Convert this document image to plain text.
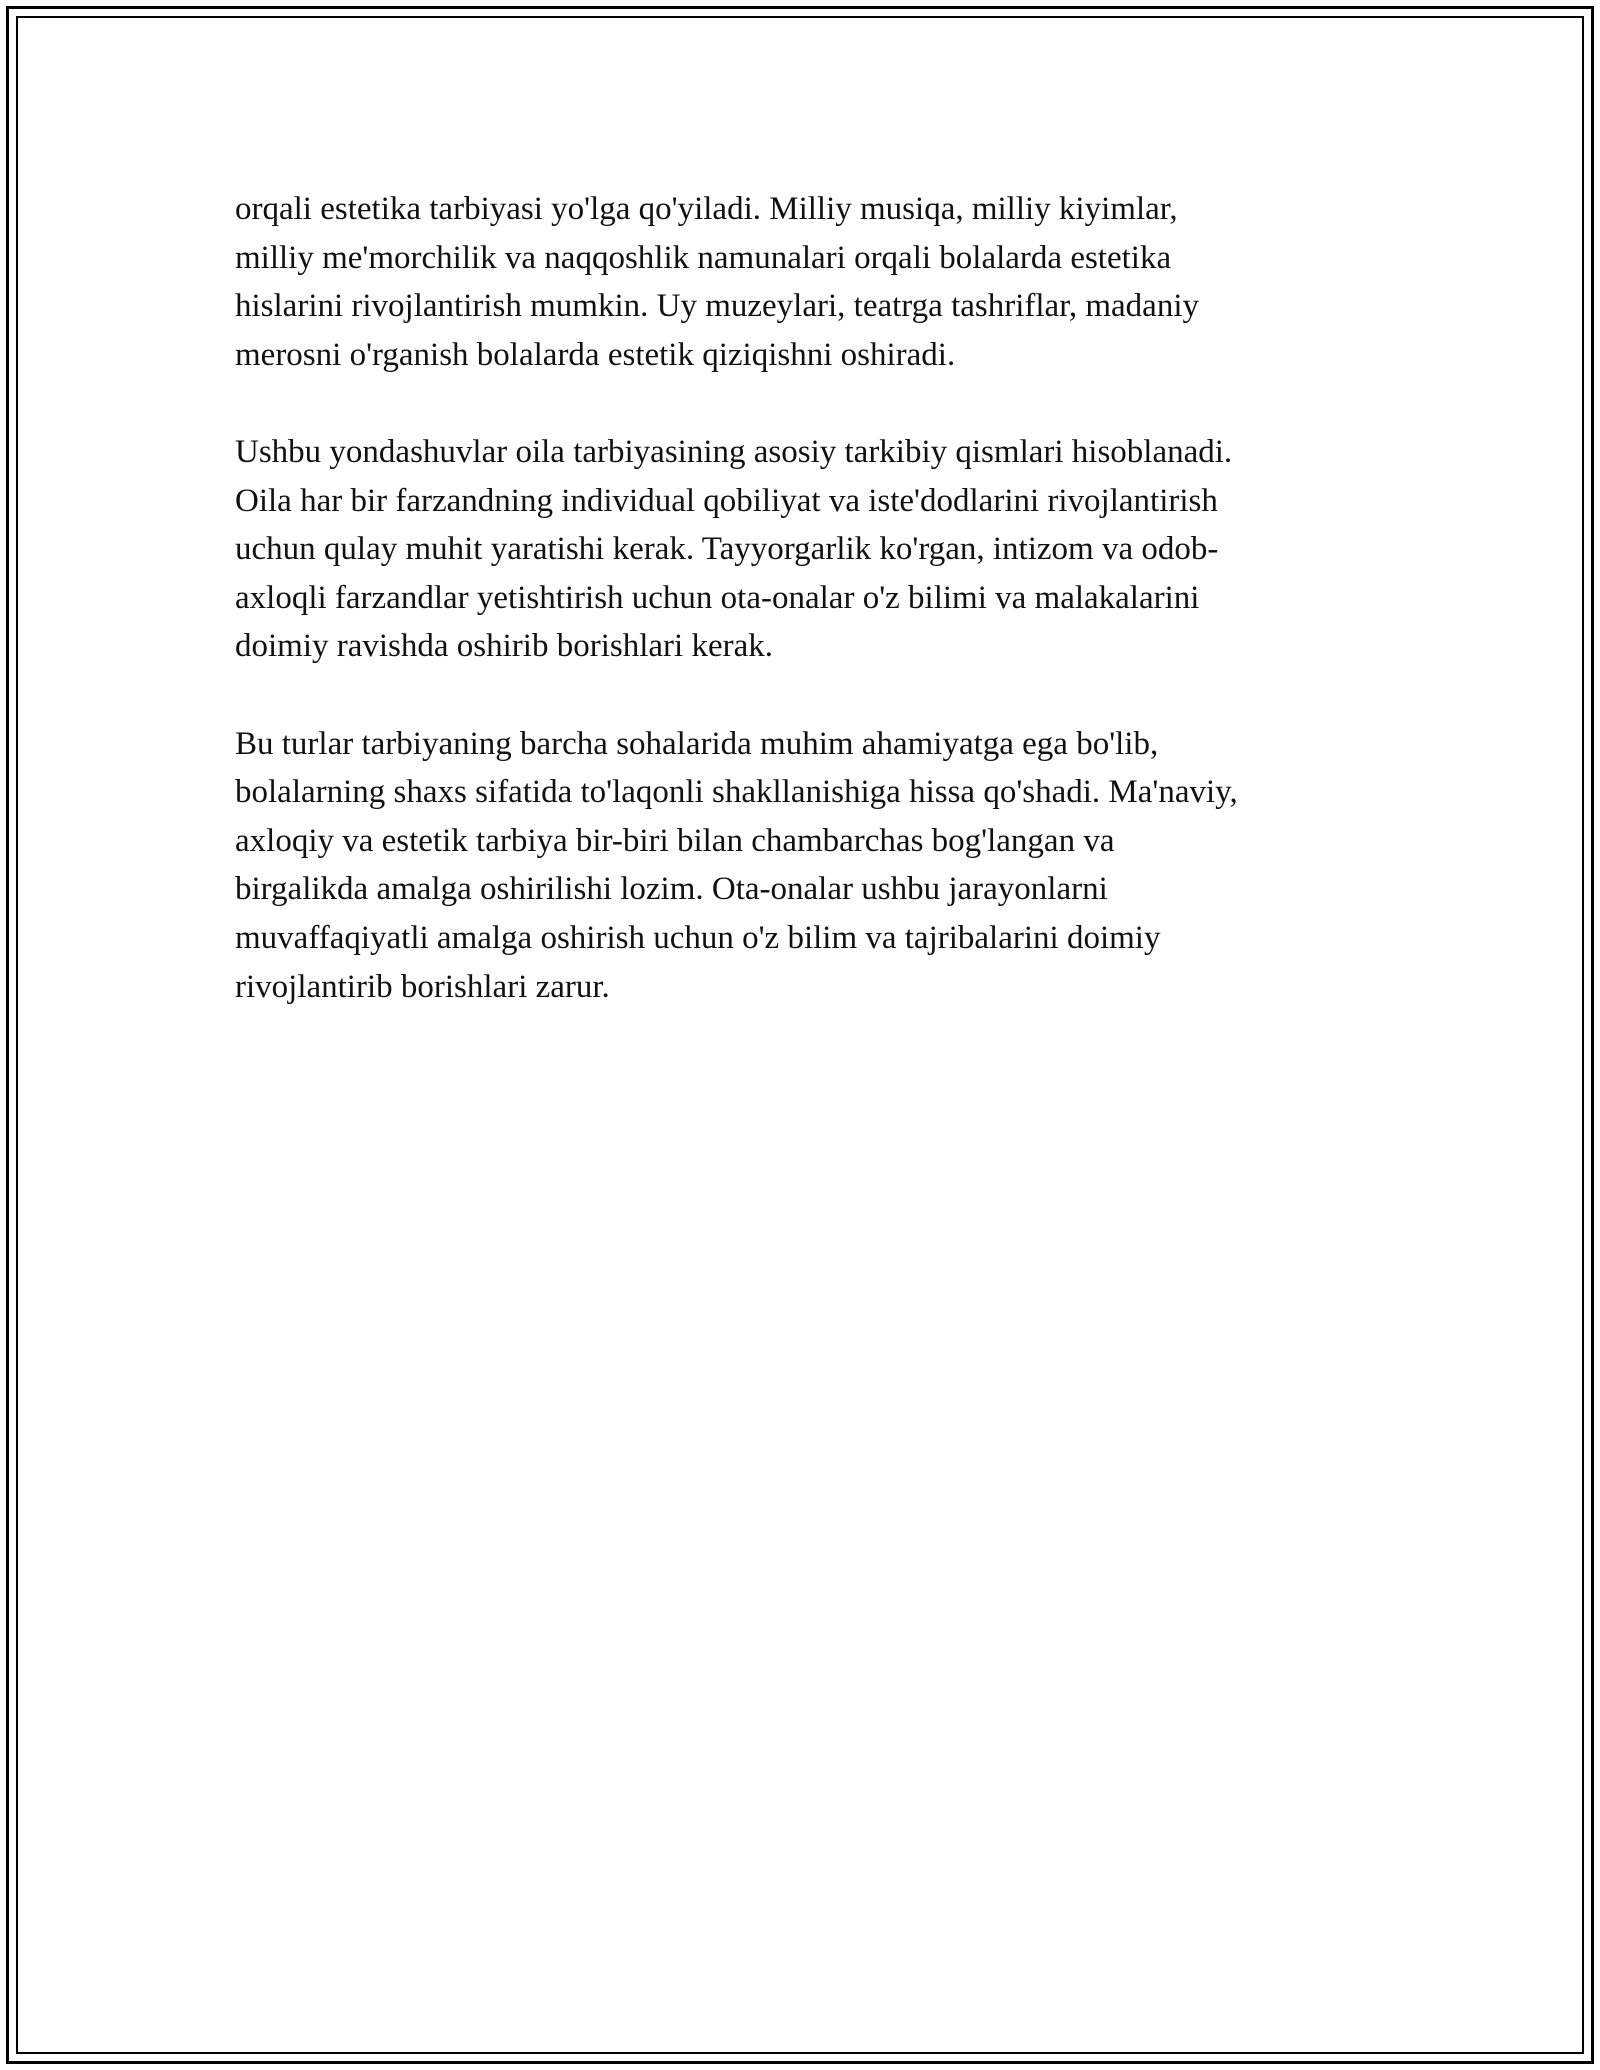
orqali estetika tarbiyasi yo'lga qo'yiladi. Milliy musiqa, milliy kiyimlar,
milliy me'morchilik va naqqoshlik namunalari orqali bolalarda estetika
hislarini rivojlantirish mumkin. Uy muzeylari, teatrga tashriflar, madaniy
merosni o'rganish bolalarda estetik qiziqishni oshiradi.

Ushbu yondashuvlar oila tarbiyasining asosiy tarkibiy qismlari hisoblanadi.
Oila har bir farzandning individual qobiliyat va iste'dodlarini rivojlantirish
uchun qulay muhit yaratishi kerak. Tayyorgarlik ko'rgan, intizom va odob-
axloqli farzandlar yetishtirish uchun ota-onalar o'z bilimi va malakalarini
doimiy ravishda oshirib borishlari kerak.

Bu turlar tarbiyaning barcha sohalarida muhim ahamiyatga ega bo'lib,
bolalarning shaxs sifatida to'laqonli shakllanishiga hissa qo'shadi. Ma'naviy,
axloqiy va estetik tarbiya bir-biri bilan chambarchas bog'langan va
birgalikda amalga oshirilishi lozim. Ota-onalar ushbu jarayonlarni
muvaffaqiyatli amalga oshirish uchun o'z bilim va tajribalarini doimiy
rivojlantirib borishlari zarur.
